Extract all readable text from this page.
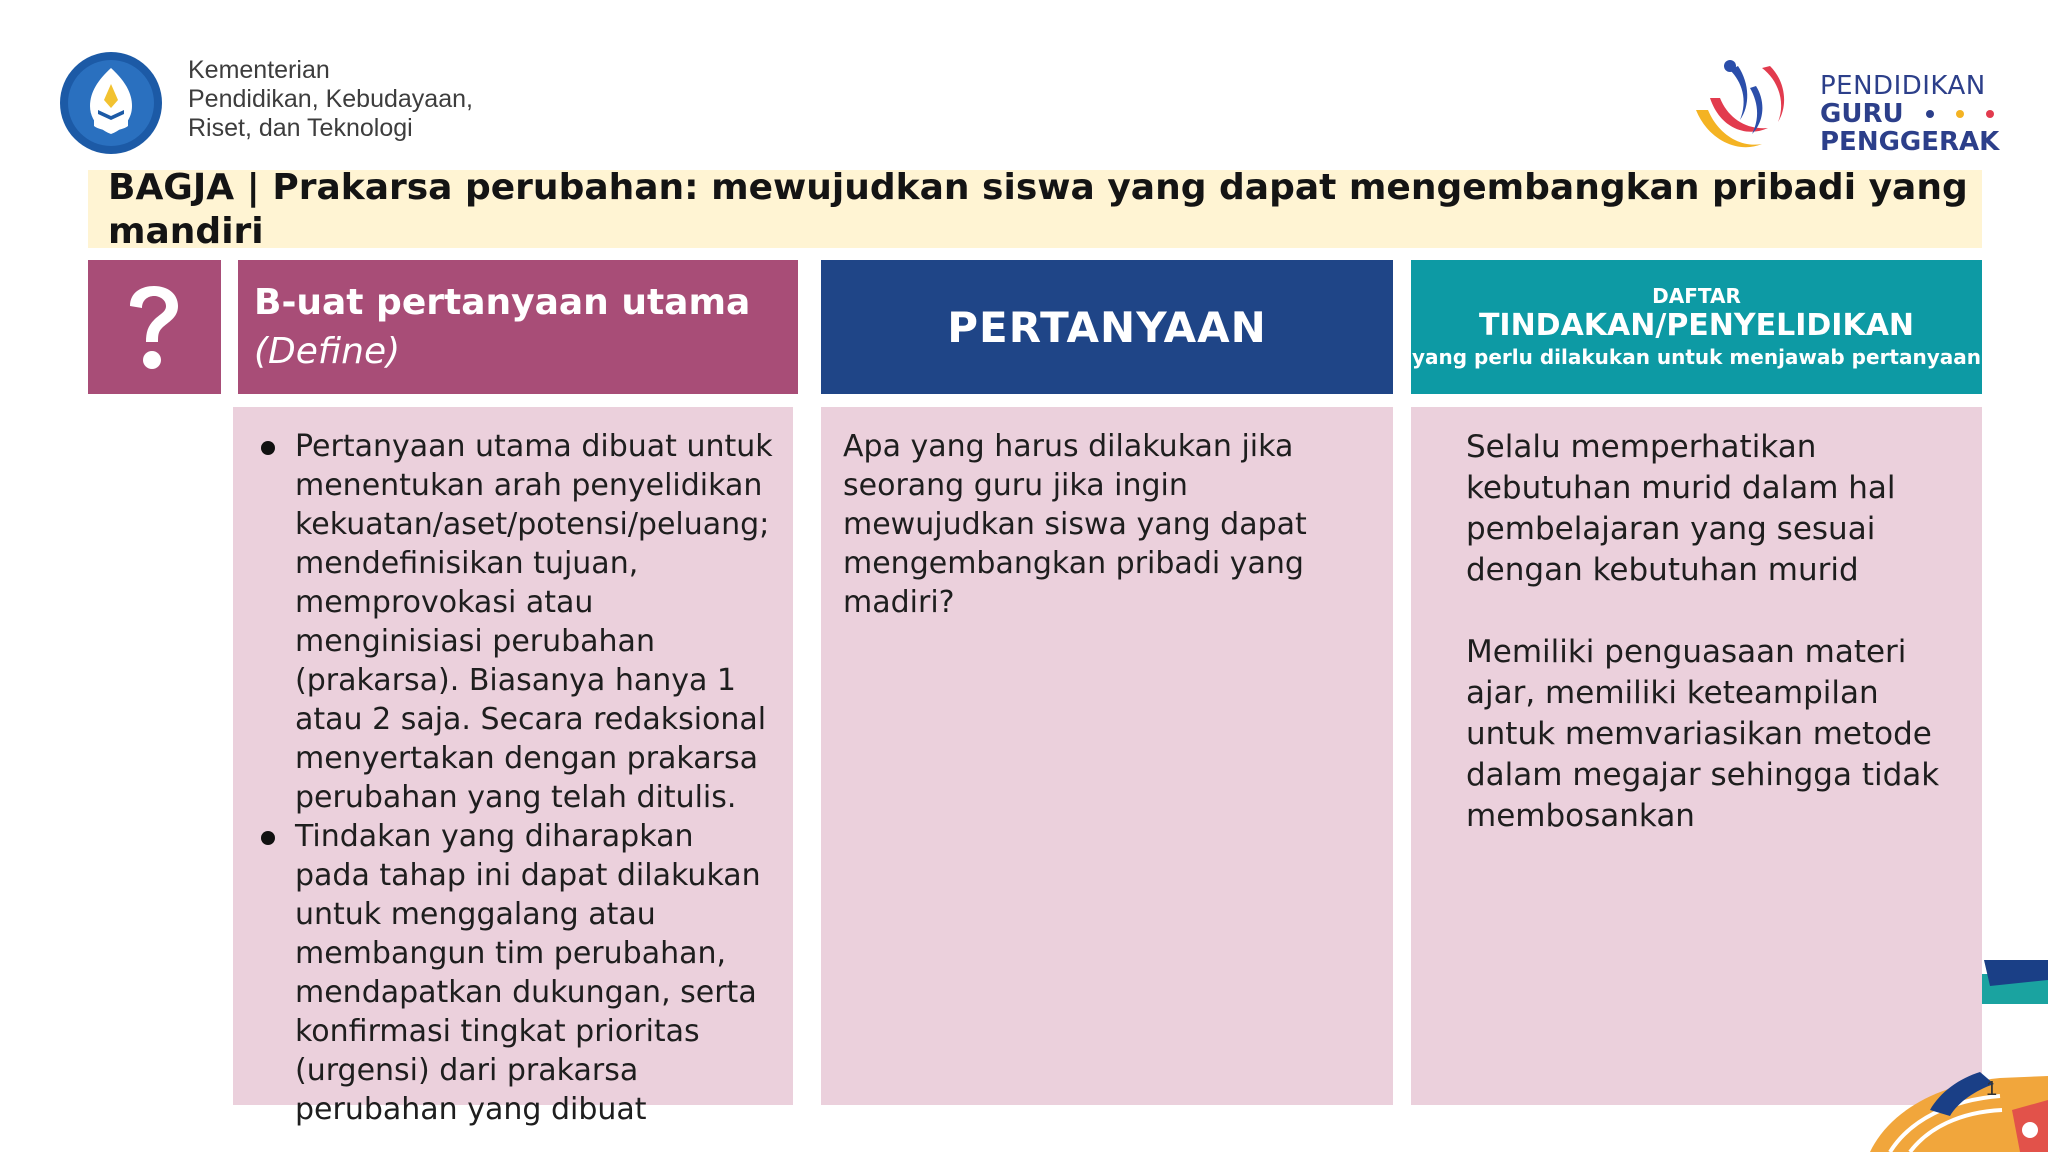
Kementerian
Pendidikan, Kebudayaan,
Riset, dan Teknologi
PENDIDIKAN
GURU
PENGGERAK
BAGJA | Prakarsa perubahan: mewujudkan siswa yang dapat mengembangkan pribadi yang mandiri
B-uat pertanyaan utama
(Define)	PERTANYAAN
DAFTAR
TINDAKAN/PENYELIDIKAN
yang perlu dilakukan untuk menjawab pertanyaan
Pertanyaan utama dibuat untuk menentukan arah penyelidikan kekuatan/aset/potensi/peluang; mendefinisikan tujuan, memprovokasi atau menginisiasi perubahan (prakarsa). Biasanya hanya 1 atau 2 saja. Secara redaksional menyertakan dengan prakarsa perubahan yang telah ditulis.
Tindakan yang diharapkan pada tahap ini dapat dilakukan untuk menggalang atau membangun tim perubahan, mendapatkan dukungan, serta konfirmasi tingkat prioritas (urgensi) dari prakarsa perubahan yang dibuat
Apa yang harus dilakukan jika seorang guru jika ingin mewujudkan siswa yang dapat mengembangkan pribadi yang madiri?
Selalu memperhatikan kebutuhan murid dalam hal pembelajaran yang sesuai dengan kebutuhan murid
Memiliki penguasaan materi ajar, memiliki keteampilan untuk memvariasikan metode dalam megajar sehingga tidak membosankan
1
